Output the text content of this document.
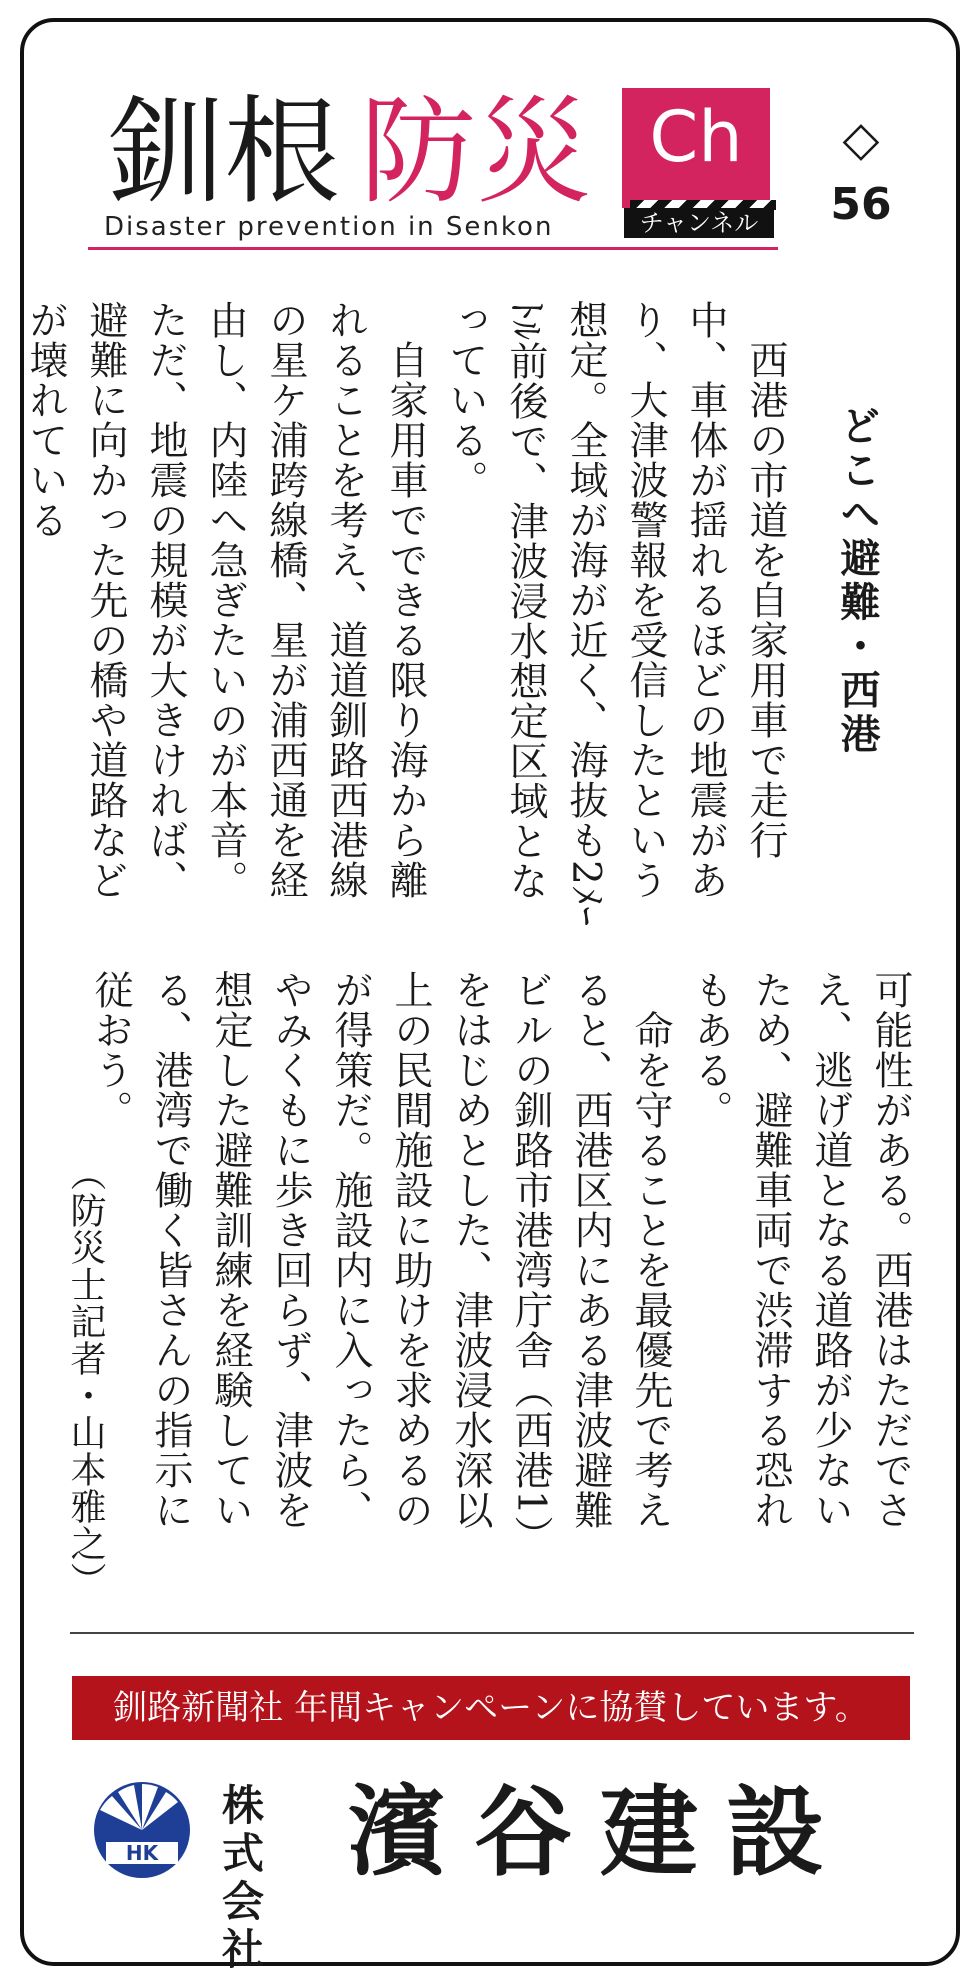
釧根 防災 Ch
チャンネル
Disaster prevention in Senkon
◇
56
どこへ避難・西港
　西港の市道を自家用車で走行中、車体が揺れるほどの地震があり、大津波警報を受信したという想定。全域が海が近く、海抜も2ﾒｰﾄﾙ前後で、津波浸水想定区域となっている。
　自家用車でできる限り海から離れることを考え、道道釧路西港線の星ケ浦跨線橋、星が浦西通を経由し、内陸へ急ぎたいのが本音。ただ、地震の規模が大きければ、避難に向かった先の橋や道路などが壊れている
可能性がある。西港はただでさえ、逃げ道となる道路が少ないため、避難車両で渋滞する恐れもある。
　命を守ることを最優先で考えると、西港区内にある津波避難ビルの釧路市港湾庁舎（西港1）をはじめとした、津波浸水深以上の民間施設に助けを求めるのが得策だ。施設内に入ったら、やみくもに歩き回らず、津波を想定した避難訓練を経験している、港湾で働く皆さんの指示に従おう。
（防災士記者・山本雅之）
釧路新聞社 年間キャンペーンに協賛しています。
HK
株式会社
濱谷建設
